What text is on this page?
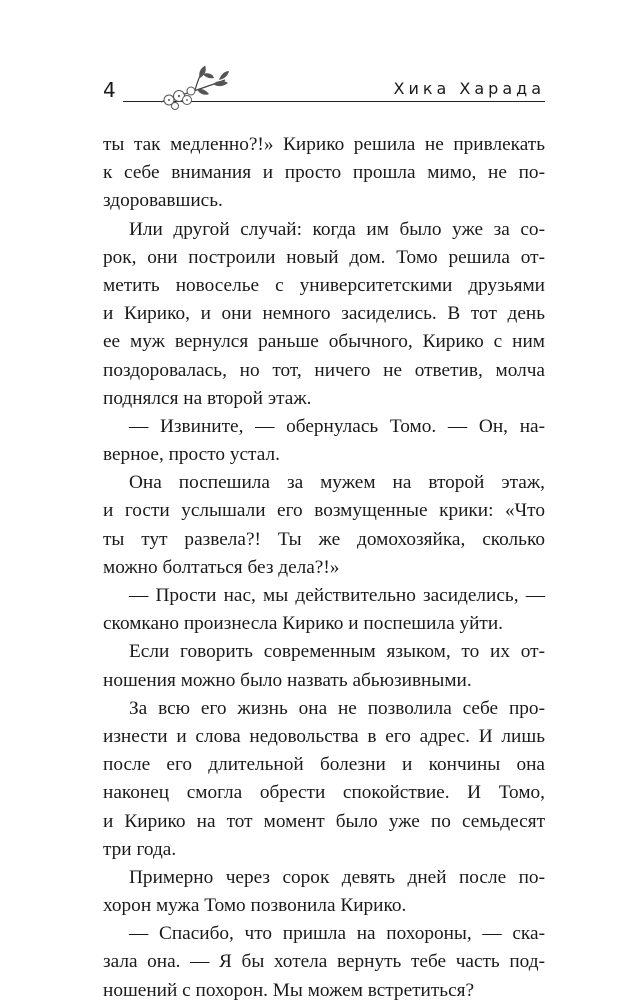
4	Хика Харада
ты так медленно?!» Кирико решила не привлекать
к себе внимания и просто прошла мимо, не по-
здоровавшись.
Или другой случай: когда им было уже за со-
рок, они построили новый дом. Томо решила от-
метить новоселье с университетскими друзьями
и Кирико, и они немного засиделись. В тот день
ее муж вернулся раньше обычного, Кирико с ним
поздоровалась, но тот, ничего не ответив, молча
поднялся на второй этаж.
— Извините, — обернулась Томо. — Он, на-
верное, просто устал.
Она поспешила за мужем на второй этаж,
и гости услышали его возмущенные крики: «Что
ты тут развела?! Ты же домохозяйка, сколько
можно болтаться без дела?!»
— Прости нас, мы действительно засиделись, —
скомкано произнесла Кирико и поспешила уйти.
Если говорить современным языком, то их от-
ношения можно было назвать абьюзивными.
За всю его жизнь она не позволила себе про-
изнести и слова недовольства в его адрес. И лишь
после его длительной болезни и кончины она
наконец смогла обрести спокойствие. И Томо,
и Кирико на тот момент было уже по семьдесят
три года.
Примерно через сорок девять дней после по-
хорон мужа Томо позвонила Кирико.
— Спасибо, что пришла на похороны, — ска-
зала она. — Я бы хотела вернуть тебе часть под-
ношений с похорон. Мы можем встретиться?
